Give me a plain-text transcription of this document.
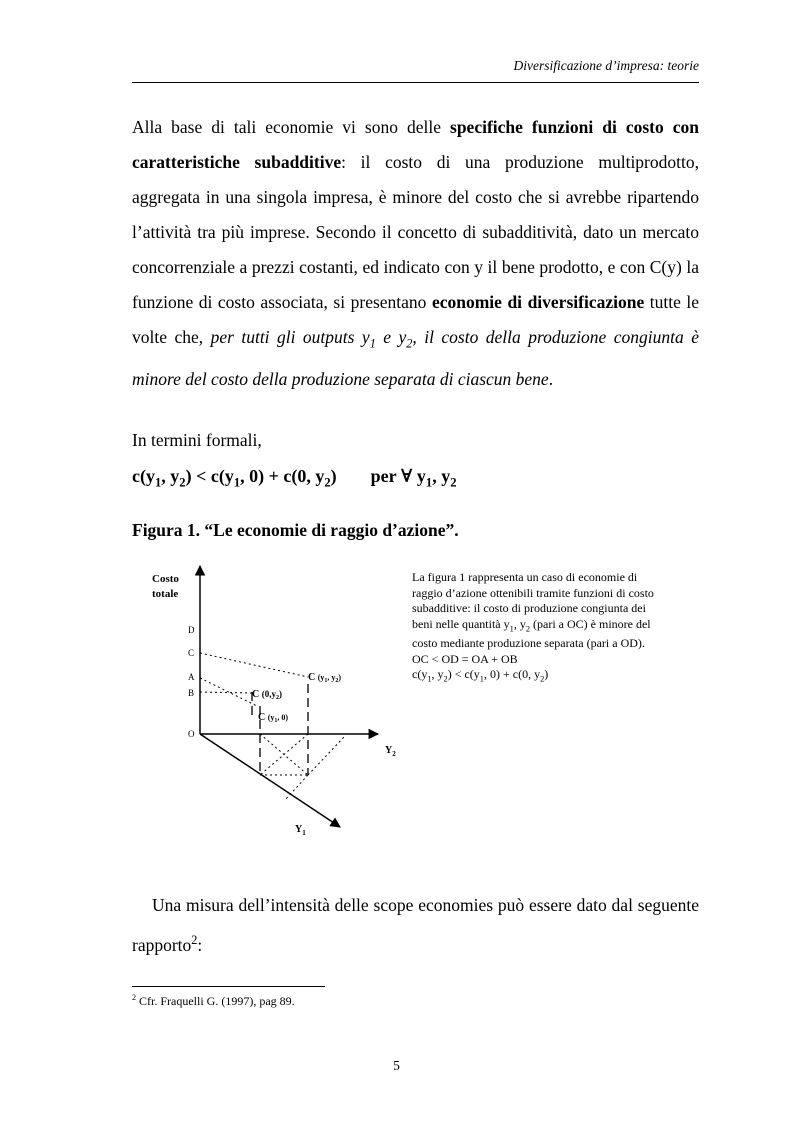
Diversificazione d’impresa: teorie
Alla base di tali economie vi sono delle specifiche funzioni di costo con caratteristiche subadditive: il costo di una produzione multiprodotto, aggregata in una singola impresa, è minore del costo che si avrebbe ripartendo l’attività tra più imprese. Secondo il concetto di subadditività, dato un mercato concorrenziale a prezzi costanti, ed indicato con y il bene prodotto, e con C(y) la funzione di costo associata, si presentano economie di diversificazione tutte le volte che, per tutti gli outputs $y_1$ e $y_2$, il costo della produzione congiunta è minore del costo della produzione separata di ciascun bene.
In termini formali,
$c(y_1$, $y_2) < c(y_1$, 0) + c(0, $y_2$) per ∀ $y_1$, $y_2$
Figura 1. “Le economie di raggio d’azione”.
Costo
totale
D
C
A
B
O
$Y_2$
$Y_1$
C ($y_1^{, y}_2^)$
C $(0,y_2)$
C ($y_1^{, 0)}$
La figura 1 rappresenta un caso di economie di raggio d’azione ottenibili tramite funzioni di costo subadditive: il costo di produzione congiunta dei beni nelle quantità $y_1$, $y_2$ (pari a OC) è minore del costo mediante produzione separata (pari a OD).
OC < OD = OA + OB
$c(y_1$, $y_2) < c(y_1$, 0) + c(0, $y_2$)
Una misura dell’intensità delle scope economies può essere dato dal seguente rapporto$^2$:
$^2$ Cfr. Fraquelli G. (1997), pag 89.
5
